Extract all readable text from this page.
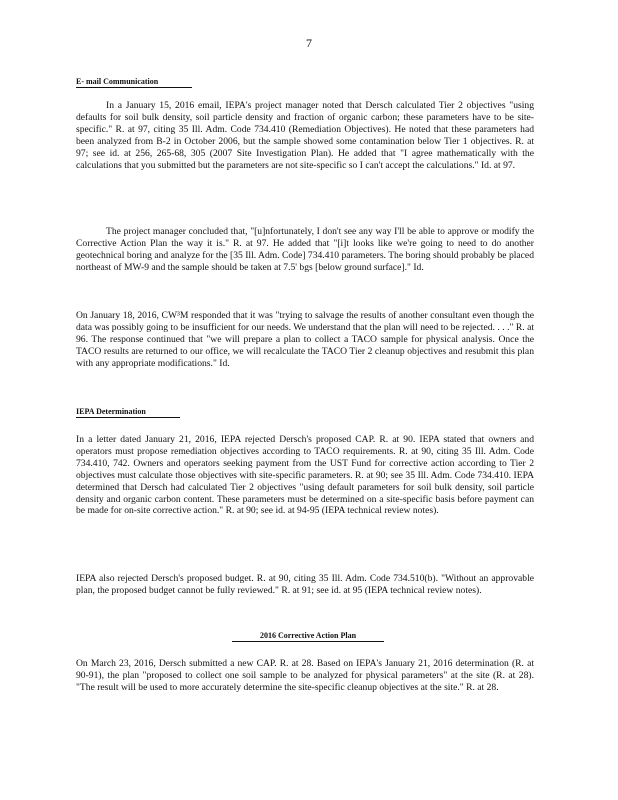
7
E- mail Communication

In a January 15, 2016 email, IEPA's project manager noted that Dersch calculated Tier 2 objectives "using defaults for soil bulk density, soil particle density and fraction of organic carbon; these parameters have to be site-specific." R. at 97, citing 35 Ill. Adm. Code 734.410 (Remediation Objectives). He noted that these parameters had been analyzed from B-2 in October 2006, but the sample showed some contamination below Tier 1 objectives. R. at 97; see id. at 256, 265-68, 305 (2007 Site Investigation Plan). He added that "I agree mathematically with the calculations that you submitted but the parameters are not site-specific so I can't accept the calculations." Id. at 97.

The project manager concluded that, "[u]nfortunately, I don't see any way I'll be able to approve or modify the Corrective Action Plan the way it is." R. at 97. He added that "[i]t looks like we're going to need to do another geotechnical boring and analyze for the [35 Ill. Adm. Code] 734.410 parameters. The boring should probably be placed northeast of MW-9 and the sample should be taken at 7.5' bgs [below ground surface]." Id.

On January 18, 2016, CW³M responded that it was "trying to salvage the results of another consultant even though the data was possibly going to be insufficient for our needs. We understand that the plan will need to be rejected. . . ." R. at 96. The response continued that "we will prepare a plan to collect a TACO sample for physical analysis. Once the TACO results are returned to our office, we will recalculate the TACO Tier 2 cleanup objectives and resubmit this plan with any appropriate modifications." Id.

IEPA Determination

In a letter dated January 21, 2016, IEPA rejected Dersch's proposed CAP. R. at 90. IEPA stated that owners and operators must propose remediation objectives according to TACO requirements. R. at 90, citing 35 Ill. Adm. Code 734.410, 742. Owners and operators seeking payment from the UST Fund for corrective action according to Tier 2 objectives must calculate those objectives with site-specific parameters. R. at 90; see 35 Ill. Adm. Code 734.410. IEPA determined that Dersch had calculated Tier 2 objectives "using default parameters for soil bulk density, soil particle density and organic carbon content. These parameters must be determined on a site-specific basis before payment can be made for on-site corrective action." R. at 90; see id. at 94-95 (IEPA technical review notes).

IEPA also rejected Dersch's proposed budget. R. at 90, citing 35 Ill. Adm. Code 734.510(b). "Without an approvable plan, the proposed budget cannot be fully reviewed." R. at 91; see id. at 95 (IEPA technical review notes).

2016 Corrective Action Plan

On March 23, 2016, Dersch submitted a new CAP. R. at 28. Based on IEPA's January 21, 2016 determination (R. at 90-91), the plan "proposed to collect one soil sample to be analyzed for physical parameters" at the site (R. at 28). "The result will be used to more accurately determine the site-specific cleanup objectives at the site." R. at 28.
